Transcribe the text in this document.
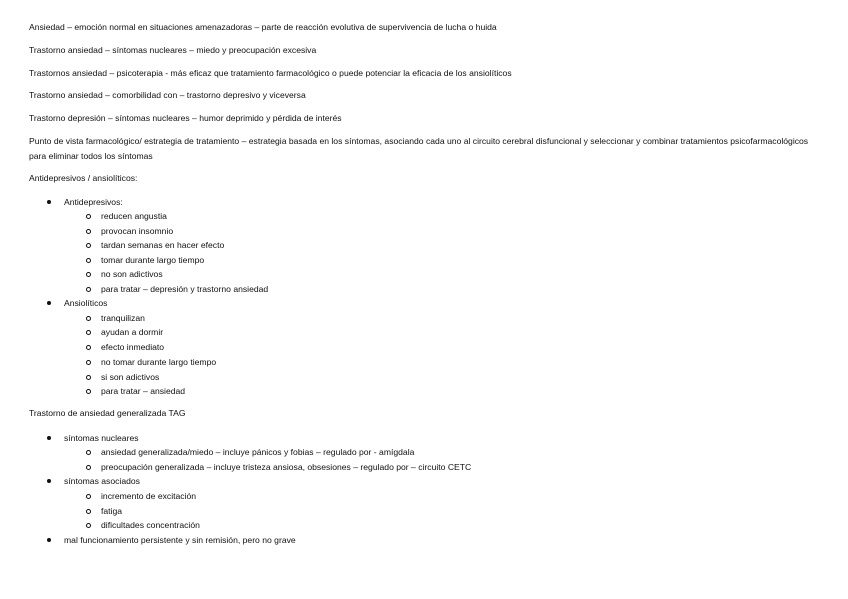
Ansiedad – emoción normal en situaciones amenazadoras – parte de reacción evolutiva de supervivencia de lucha o huida

Trastorno ansiedad – síntomas nucleares – miedo y preocupación excesiva

Trastornos ansiedad – psicoterapia - más eficaz que tratamiento farmacológico o puede potenciar la eficacia de los ansiolíticos

Trastorno ansiedad – comorbilidad con – trastorno depresivo y viceversa

Trastorno depresión – síntomas nucleares – humor deprimido y pérdida de interés

Punto de vista farmacológico/ estrategia de tratamiento – estrategia basada en los síntomas, asociando cada uno al circuito cerebral disfuncional y seleccionar y combinar tratamientos psicofarmacológicos para eliminar todos los síntomas

Antidepresivos / ansiolíticos:

Antidepresivos:
reducen angustia
provocan insomnio
tardan semanas en hacer efecto
tomar durante largo tiempo
no son adictivos
para tratar – depresión y trastorno ansiedad
Ansiolíticos
tranquilizan
ayudan a dormir
efecto inmediato
no tomar durante largo tiempo
si son adictivos
para tratar – ansiedad

Trastorno de ansiedad generalizada TAG

síntomas nucleares
ansiedad generalizada/miedo – incluye pánicos y fobias – regulado por - amígdala
preocupación generalizada – incluye tristeza ansiosa, obsesiones – regulado por – circuito CETC
síntomas asociados
incremento de excitación
fatiga
dificultades concentración
mal funcionamiento persistente y sin remisión, pero no grave
